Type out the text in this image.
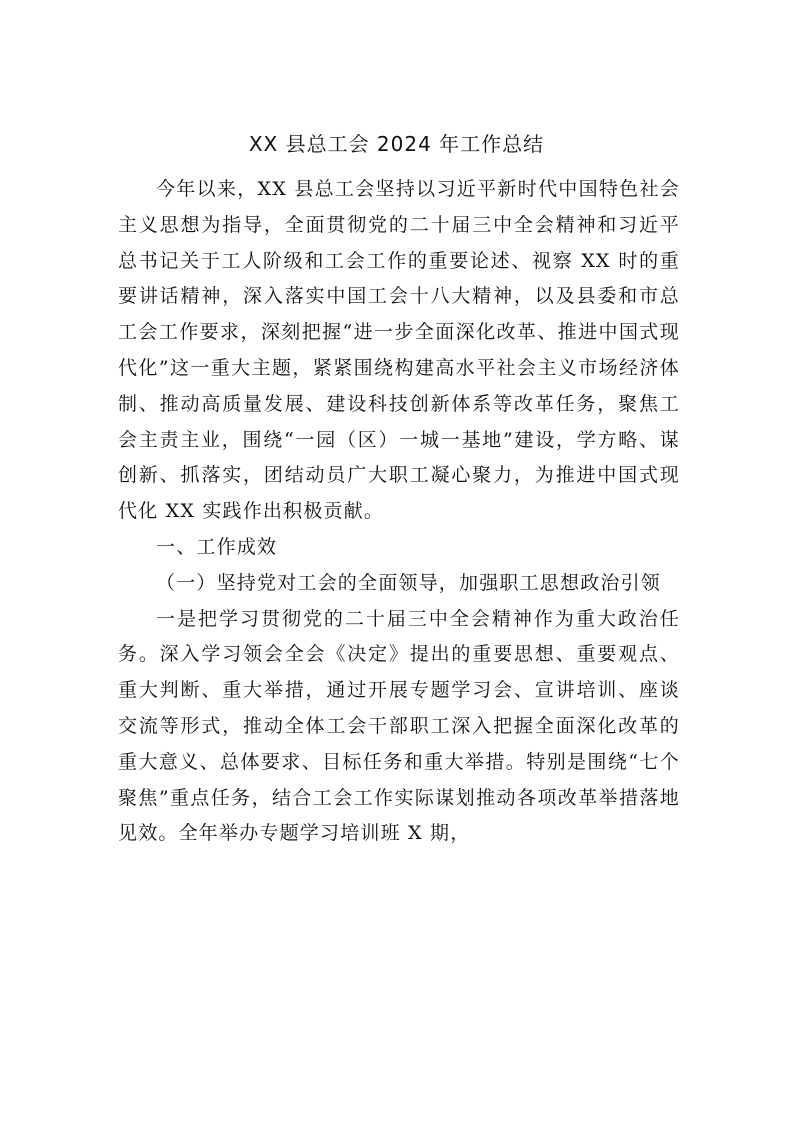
XX 县总工会 2024 年工作总结

今年以来，XX 县总工会坚持以习近平新时代中国特色社会主义思想为指导，全面贯彻党的二十届三中全会精神和习近平总书记关于工人阶级和工会工作的重要论述、视察 XX 时的重要讲话精神，深入落实中国工会十八大精神，以及县委和市总工会工作要求，深刻把握“进一步全面深化改革、推进中国式现代化”这一重大主题，紧紧围绕构建高水平社会主义市场经济体制、推动高质量发展、建设科技创新体系等改革任务，聚焦工会主责主业，围绕“一园（区）一城一基地”建设，学方略、谋创新、抓落实，团结动员广大职工凝心聚力，为推进中国式现代化 XX 实践作出积极贡献。

一、工作成效

（一）坚持党对工会的全面领导，加强职工思想政治引领

一是把学习贯彻党的二十届三中全会精神作为重大政治任务。深入学习领会全会《决定》提出的重要思想、重要观点、重大判断、重大举措，通过开展专题学习会、宣讲培训、座谈交流等形式，推动全体工会干部职工深入把握全面深化改革的重大意义、总体要求、目标任务和重大举措。特别是围绕“七个聚焦”重点任务，结合工会工作实际谋划推动各项改革举措落地见效。全年举办专题学习培训班 X 期，
